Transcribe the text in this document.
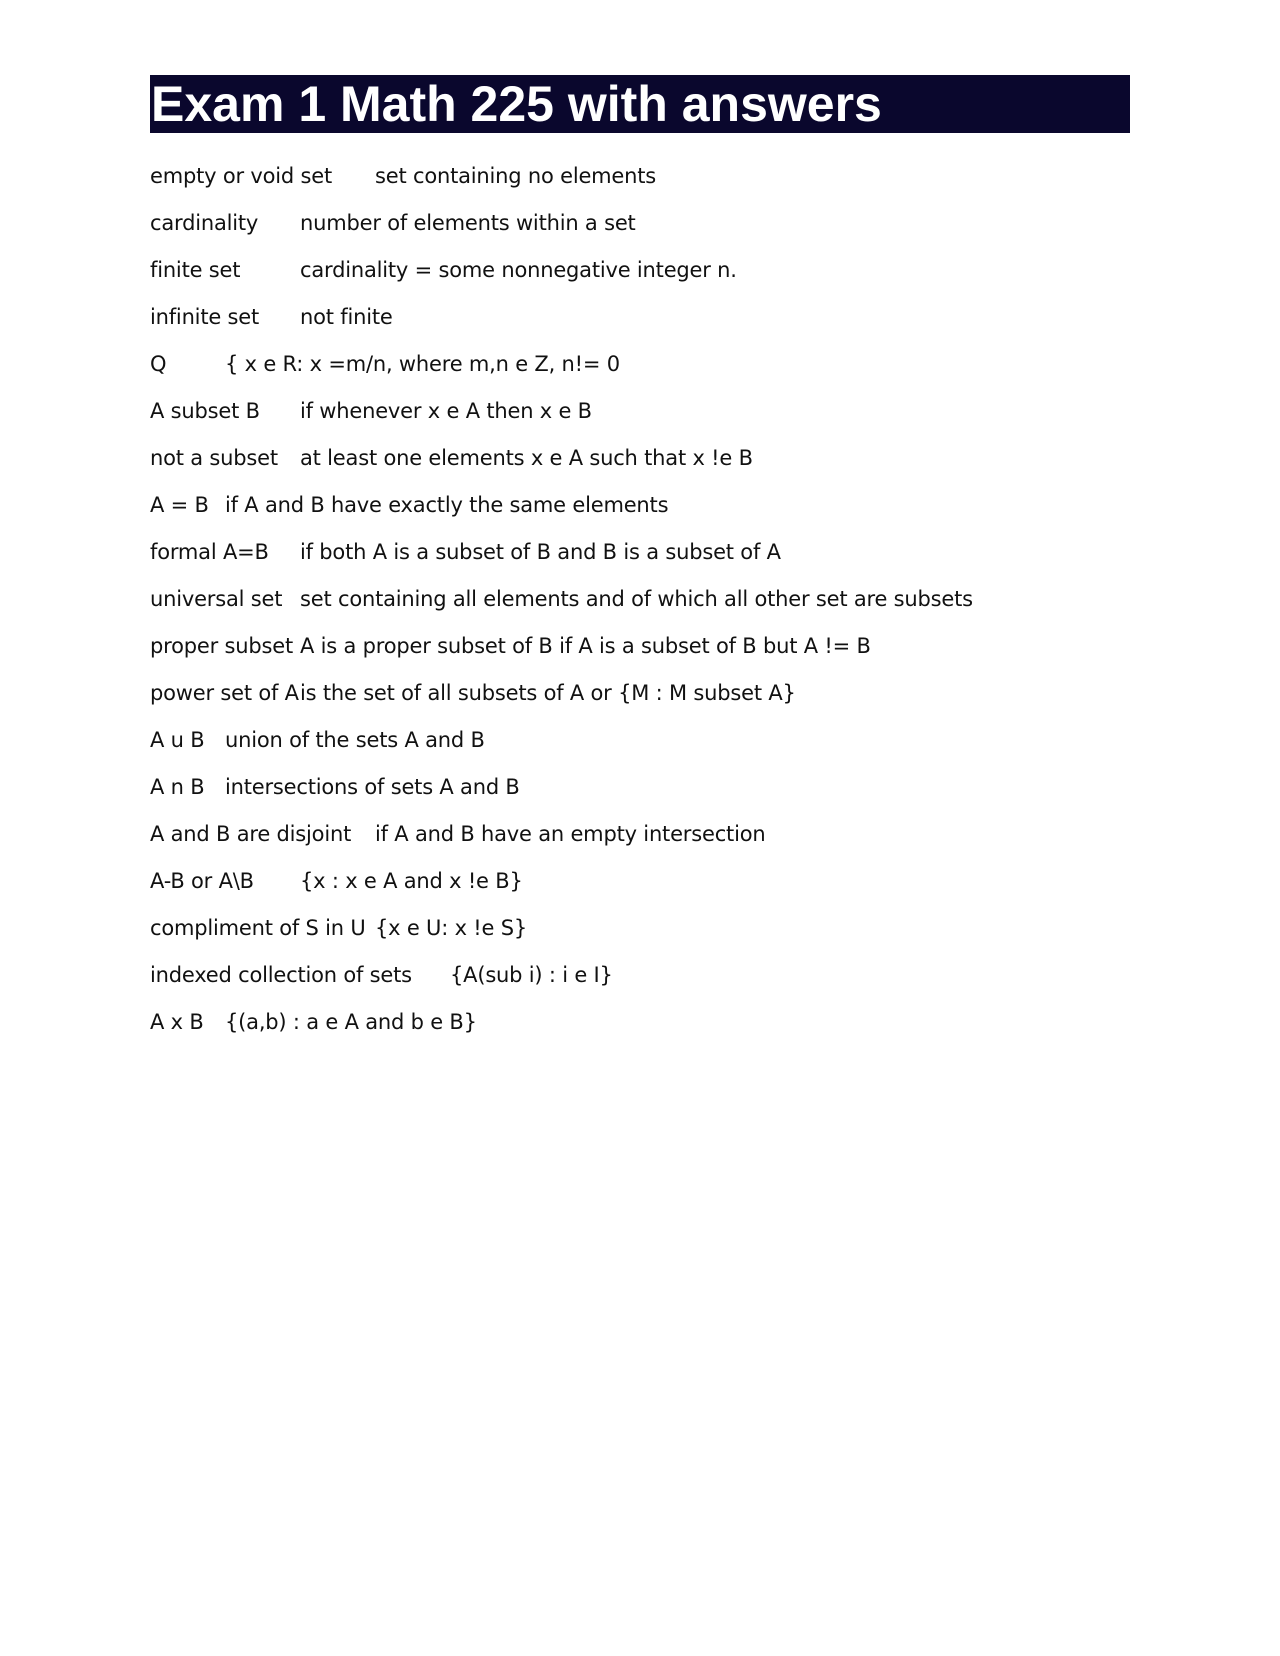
Exam 1 Math 225 with answers
empty or void set set containing no elements
cardinality number of elements within a set
finite set	cardinality = some nonnegative integer n.
infinite set not finite
Q	{ x e R: x =m/n, where m,n e Z, n!= 0
A subset B if whenever x e A then x e B
not a subset at least one elements x e A such that x !e B
A = B if A and B have exactly the same elements
formal A=B if both A is a subset of B and B is a subset of A
universal set set containing all elements and of which all other set are subsets
proper subset A is a proper subset of B if A is a subset of B but A != B
power set of Ais the set of all subsets of A or {M : M subset A}
A u B union of the sets A and B
A n B intersections of sets A and B
A and B are disjoint if A and B have an empty intersection
A-B or A\B {x : x e A and x !e B}
compliment of S in U {x e U: x !e S}
indexed collection of sets {A(sub i) : i e I}
A x B {(a,b) : a e A and b e B}
